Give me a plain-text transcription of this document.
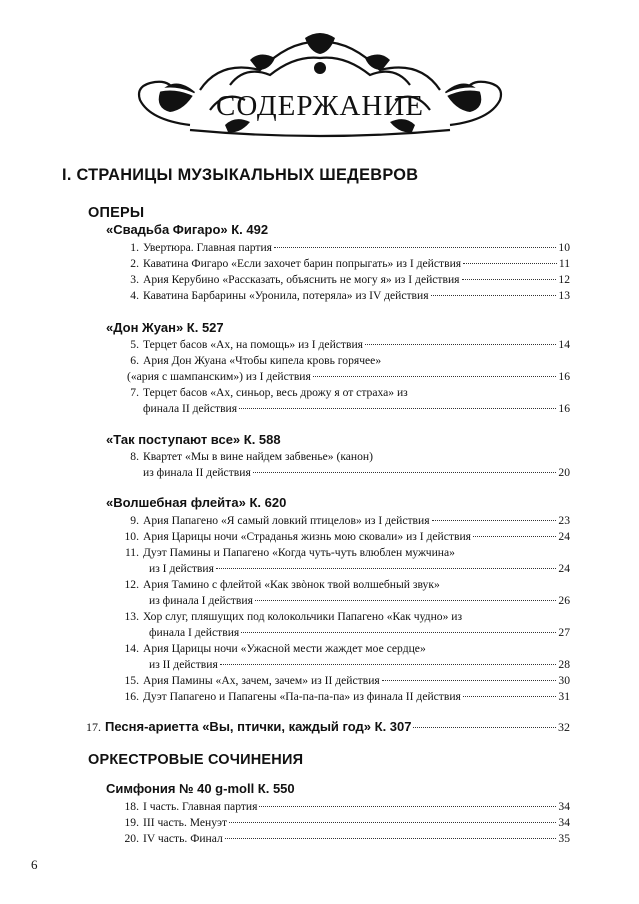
СОДЕРЖАНИЕ
I. СТРАНИЦЫ МУЗЫКАЛЬНЫХ ШЕДЕВРОВ
ОПЕРЫ
«Свадьба Фигаро» К. 492
1. Увертюра. Главная партия	10
2. Каватина Фигаро «Если захочет барин попрыгать» из I действия	11
3. Ария Керубино «Рассказать, объяснить не могу я» из I действия	12
4. Каватина Барбарины «Уронила, потеряла» из IV действия	13
«Дон Жуан» К. 527
5. Терцет басов «Ах, на помощь» из I действия	14
6. Ария Дон Жуана «Чтобы кипела кровь горячее»
(«ария с шампанским») из I действия	16
7. Терцет басов «Ах, синьор, весь дрожу я от страха» из
финала II действия	16
«Так поступают все» К. 588
8. Квартет «Мы в вине найдем забвенье» (канон)
из финала II действия	20
«Волшебная флейта» К. 620
9. Ария Папагено «Я самый ловкий птицелов» из I действия	23
10. Ария Царицы ночи «Страданья жизнь мою сковали» из I действия	24
11. Дуэт Памины и Папагено «Когда чуть-чуть влюблен мужчина»
из I действия	24
12. Ария Тамино с флейтой «Как звòнок твой волшебный звук»
из финала I действия	26
13. Хор слуг, пляшущих под колокольчики Папагено «Как чудно» из
финала I действия	27
14. Ария Царицы ночи «Ужасной мести жаждет мое сердце»
из II действия	28
15. Ария Памины «Ах, зачем, зачем» из II действия	30
16. Дуэт Папагено и Папагены «Па-па-па-па» из финала II действия	31
17. Песня-ариетта «Вы, птички, каждый год» К. 307	32
ОРКЕСТРОВЫЕ СОЧИНЕНИЯ
Симфония № 40 g-moll К. 550
18. I часть. Главная партия	34
19. III часть. Менуэт	34
20. IV часть. Финал	35
6
